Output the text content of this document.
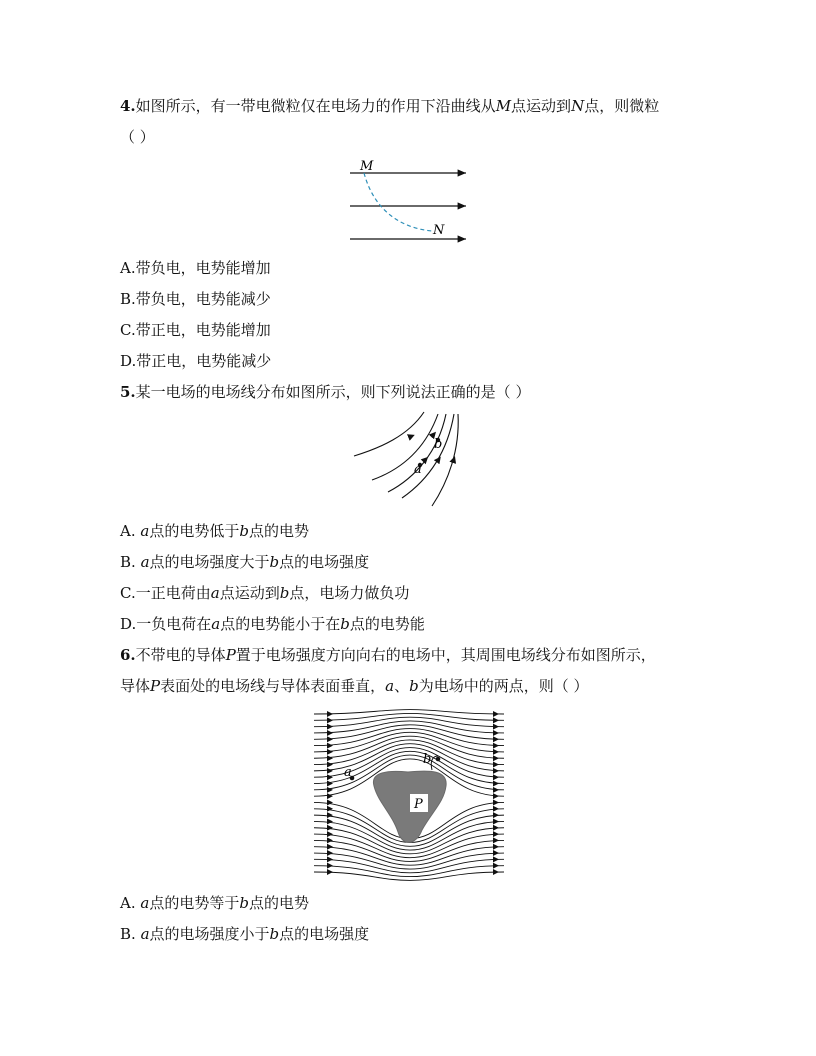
4.如图所示，有一带电微粒仅在电场力的作用下沿曲线从M点运动到N点，则微粒
（ ）
M
N
A.带负电，电势能增加
B.带负电，电势能减少
C.带正电，电势能增加
D.带正电，电势能减少
5.某一电场的电场线分布如图所示，则下列说法正确的是（ ）
a
b
A. a点的电势低于b点的电势
B. a点的电场强度大于b点的电场强度
C.一正电荷由a点运动到b点，电场力做负功
D.一负电荷在a点的电势能小于在b点的电势能
6.不带电的导体P置于电场强度方向向右的电场中，其周围电场线分布如图所示，
导体P表面处的电场线与导体表面垂直，a、b为电场中的两点，则（ ）
P
a
b
A. a点的电势等于b点的电势
B. a点的电场强度小于b点的电场强度
